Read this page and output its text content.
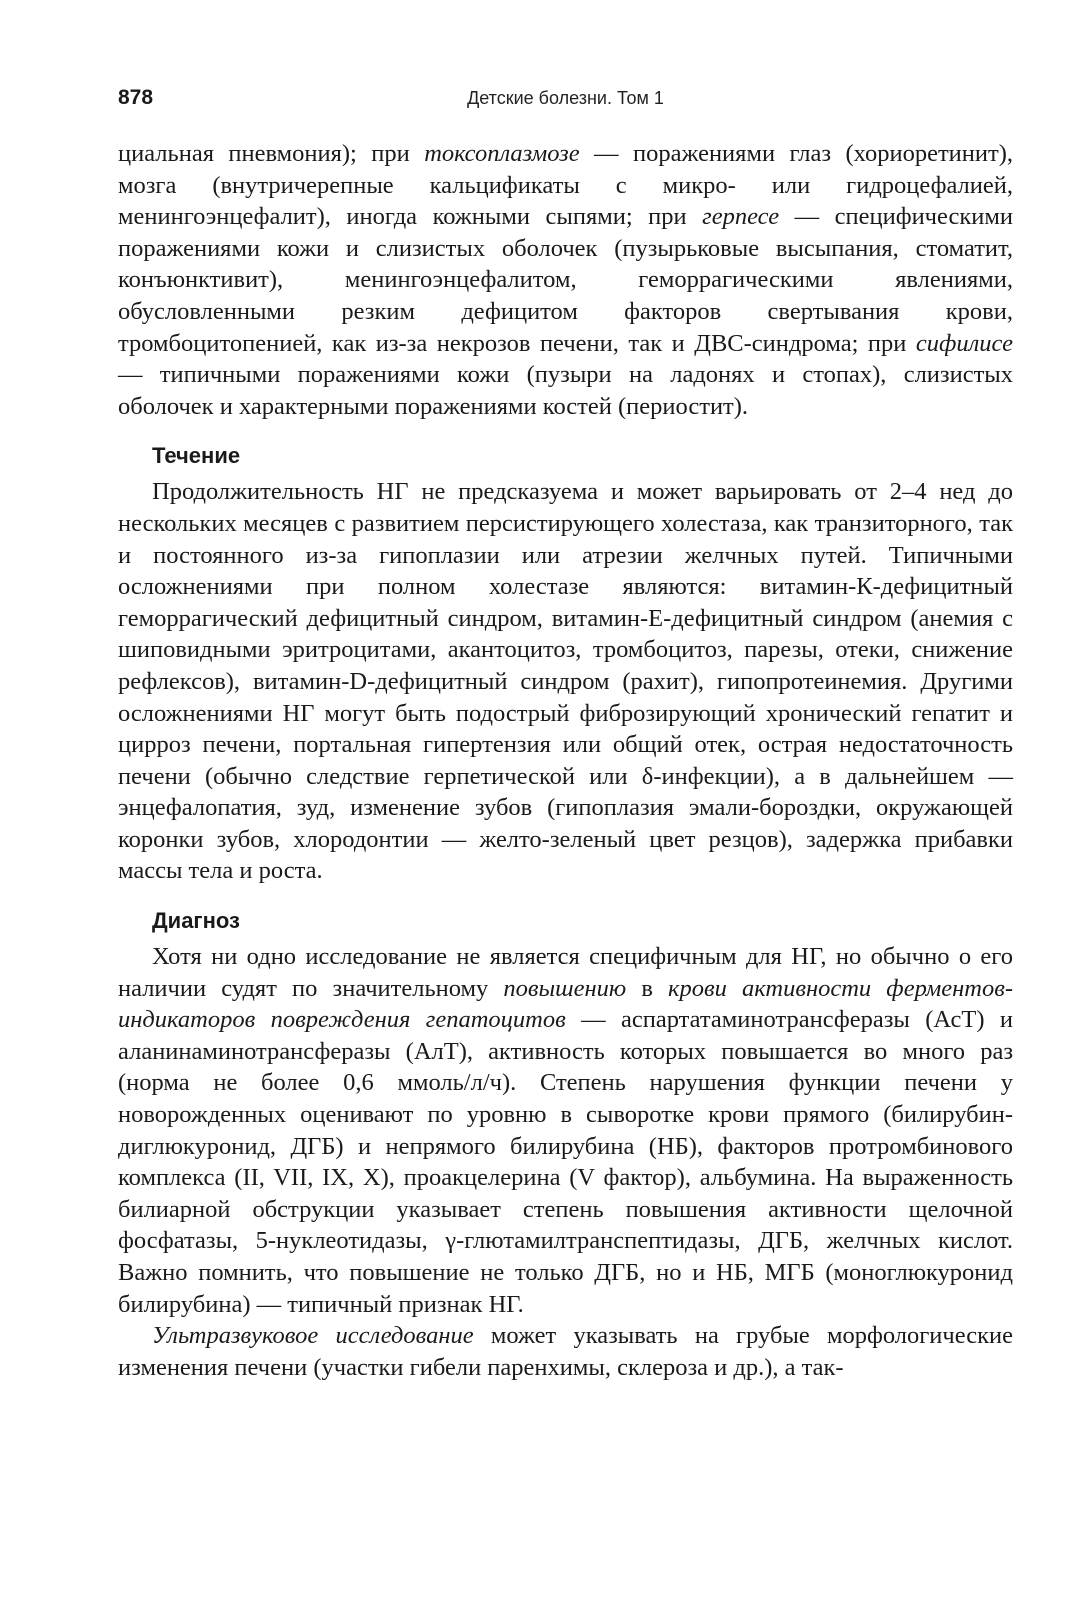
878	Детские болезни. Том 1

циальная пневмония); при токсоплазмозе — поражениями глаз (хориоретинит), мозга (внутричерепные кальцификаты с микро- или гидроцефалией, менингоэнцефалит), иногда кожными сыпями; при герпесе — специфическими поражениями кожи и слизистых оболочек (пузырьковые высыпания, стоматит, конъюнктивит), менингоэнцефалитом, геморрагическими явлениями, обусловленными резким дефицитом факторов свертывания крови, тромбоцитопенией, как из-за некрозов печени, так и ДВС-синдрома; при сифилисе — типичными поражениями кожи (пузыри на ладонях и стопах), слизистых оболочек и характерными поражениями костей (периостит).

Течение

Продолжительность НГ не предсказуема и может варьировать от 2–4 нед до нескольких месяцев с развитием персистирующего холестаза, как транзиторного, так и постоянного из-за гипоплазии или атрезии желчных путей. Типичными осложнениями при полном холестазе являются: витамин-К-дефицитный геморрагический дефицитный синдром, витамин-Е-дефицитный синдром (анемия с шиповидными эритроцитами, акантоцитоз, тромбоцитоз, парезы, отеки, снижение рефлексов), витамин-D-дефицитный синдром (рахит), гипопротеинемия. Другими осложнениями НГ могут быть подострый фиброзирующий хронический гепатит и цирроз печени, портальная гипертензия или общий отек, острая недостаточность печени (обычно следствие герпетической или δ-инфекции), а в дальнейшем — энцефалопатия, зуд, изменение зубов (гипоплазия эмали-бороздки, окружающей коронки зубов, хлородонтии — желто-зеленый цвет резцов), задержка прибавки массы тела и роста.

Диагноз

Хотя ни одно исследование не является специфичным для НГ, но обычно о его наличии судят по значительному повышению в крови активности ферментов-индикаторов повреждения гепатоцитов — аспартатаминотрансферазы (АсТ) и аланинаминотрансферазы (АлТ), активность которых повышается во много раз (норма не более 0,6 ммоль/л/ч). Степень нарушения функции печени у новорожденных оценивают по уровню в сыворотке крови прямого (билирубин-диглюкуронид, ДГБ) и непрямого билирубина (НБ), факторов протромбинового комплекса (II, VII, IX, X), проакцелерина (V фактор), альбумина. На выраженность билиарной обструкции указывает степень повышения активности щелочной фосфатазы, 5-нуклеотидазы, γ-глютамилтранспептидазы, ДГБ, желчных кислот. Важно помнить, что повышение не только ДГБ, но и НБ, МГБ (моноглюкуронид билирубина) — типичный признак НГ.

Ультразвуковое исследование может указывать на грубые морфологические изменения печени (участки гибели паренхимы, склероза и др.), а так-
